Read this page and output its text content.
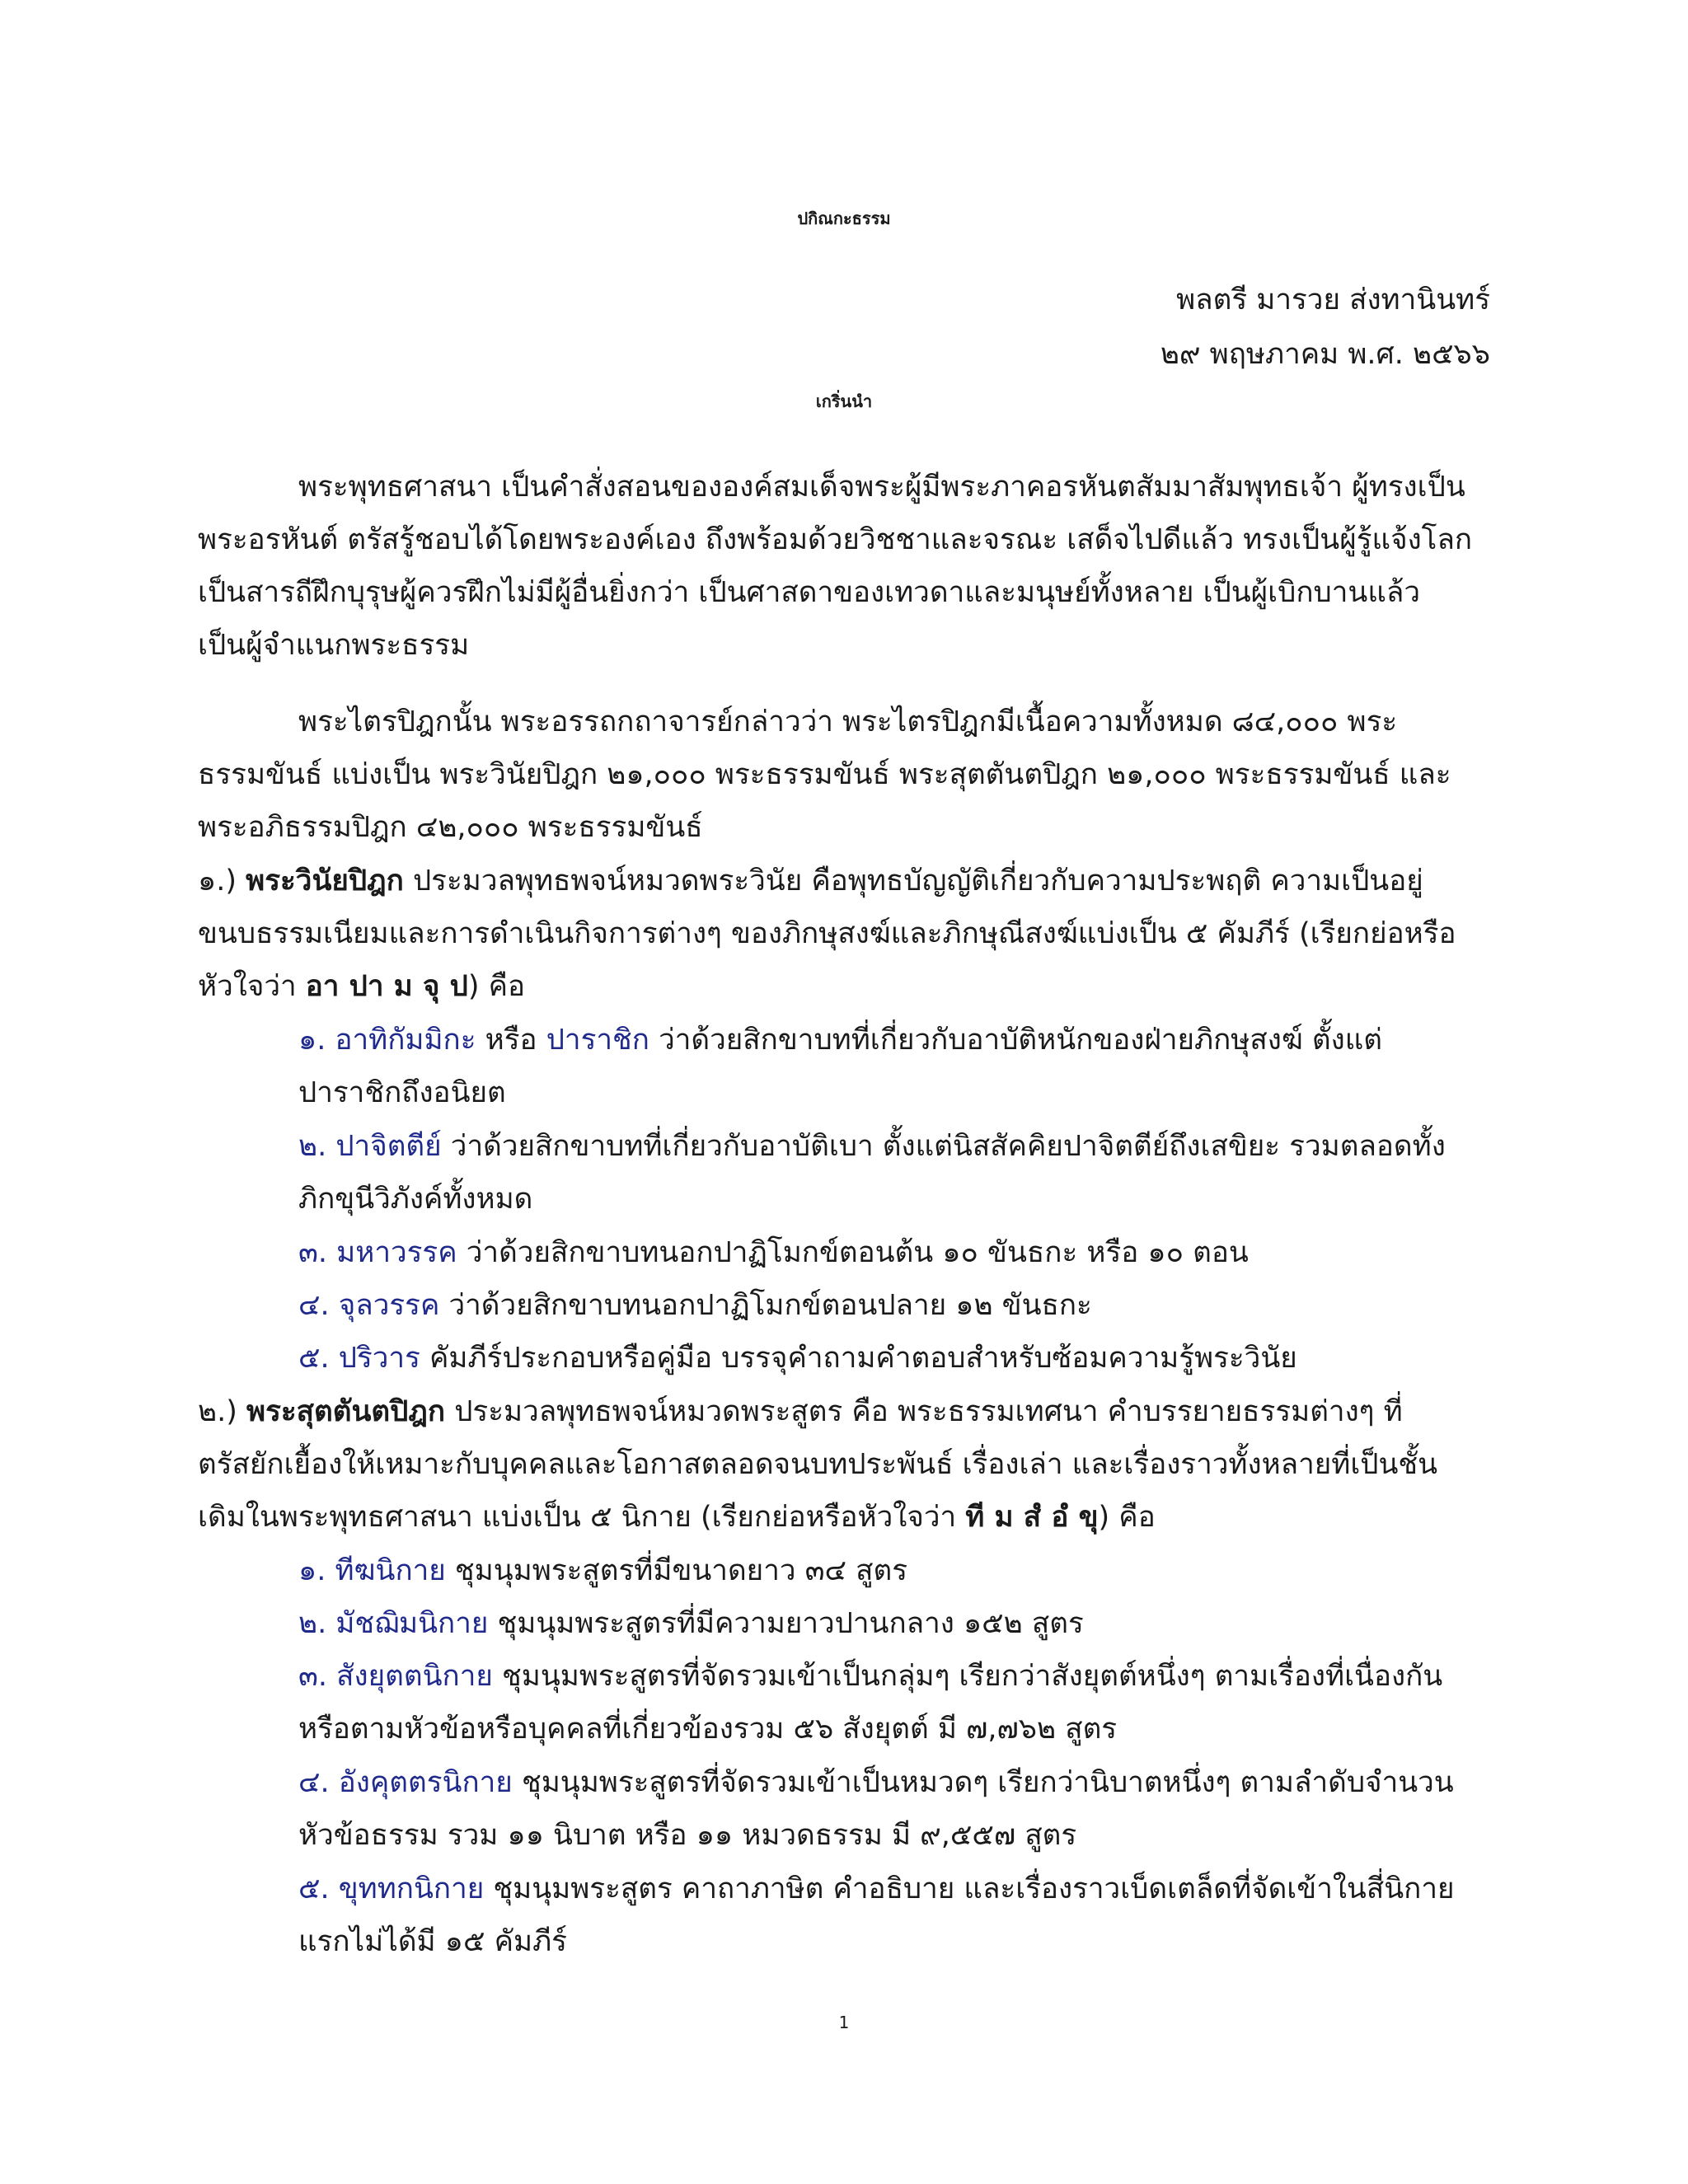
ปกิณกะธรรม

พลตรี มารวย ส่งทานินทร์

๒๙ พฤษภาคม พ.ศ. ๒๕๖๖

เกริ่นนำ

พระพุทธศาสนา เป็นคำสั่งสอนขององค์สมเด็จพระผู้มีพระภาคอรหันตสัมมาสัมพุทธเจ้า ผู้ทรงเป็น

พระอรหันต์ ตรัสรู้ชอบได้โดยพระองค์เอง ถึงพร้อมด้วยวิชชาและจรณะ เสด็จไปดีแล้ว ทรงเป็นผู้รู้แจ้งโลก

เป็นสารถีฝึกบุรุษผู้ควรฝึกไม่มีผู้อื่นยิ่งกว่า เป็นศาสดาของเทวดาและมนุษย์ทั้งหลาย เป็นผู้เบิกบานแล้ว

เป็นผู้จำแนกพระธรรม

พระไตรปิฎกนั้น พระอรรถกถาจารย์กล่าวว่า พระไตรปิฎกมีเนื้อความทั้งหมด ๘๔,๐๐๐ พระ

ธรรมขันธ์ แบ่งเป็น พระวินัยปิฎก ๒๑,๐๐๐ พระธรรมขันธ์ พระสุตตันตปิฎก ๒๑,๐๐๐ พระธรรมขันธ์ และ

พระอภิธรรมปิฎก ๔๒,๐๐๐ พระธรรมขันธ์

๑.) พระวินัยปิฎก ประมวลพุทธพจน์หมวดพระวินัย คือพุทธบัญญัติเกี่ยวกับความประพฤติ ความเป็นอยู่

ขนบธรรมเนียมและการดำเนินกิจการต่างๆ ของภิกษุสงฆ์และภิกษุณีสงฆ์แบ่งเป็น ๕ คัมภีร์ (เรียกย่อหรือ

หัวใจว่า อา ปา ม จุ ป) คือ

๑. อาทิกัมมิกะ หรือ ปาราชิก ว่าด้วยสิกขาบทที่เกี่ยวกับอาบัติหนักของฝ่ายภิกษุสงฆ์ ตั้งแต่

ปาราชิกถึงอนิยต

๒. ปาจิตตีย์ ว่าด้วยสิกขาบทที่เกี่ยวกับอาบัติเบา ตั้งแต่นิสสัคคิยปาจิตตีย์ถึงเสขิยะ รวมตลอดทั้ง

ภิกขุนีวิภังค์ทั้งหมด

๓. มหาวรรค ว่าด้วยสิกขาบทนอกปาฏิโมกข์ตอนต้น ๑๐ ขันธกะ หรือ ๑๐ ตอน

๔. จุลวรรค ว่าด้วยสิกขาบทนอกปาฏิโมกข์ตอนปลาย ๑๒ ขันธกะ

๕. ปริวาร คัมภีร์ประกอบหรือคู่มือ บรรจุคำถามคำตอบสำหรับซ้อมความรู้พระวินัย

๒.) พระสุตตันตปิฎก ประมวลพุทธพจน์หมวดพระสูตร คือ พระธรรมเทศนา คำบรรยายธรรมต่างๆ ที่

ตรัสยักเยื้องให้เหมาะกับบุคคลและโอกาสตลอดจนบทประพันธ์ เรื่องเล่า และเรื่องราวทั้งหลายที่เป็นชั้น

เดิมในพระพุทธศาสนา แบ่งเป็น ๕ นิกาย (เรียกย่อหรือหัวใจว่า ที ม สํ อํ ขุ) คือ

๑. ทีฆนิกาย ชุมนุมพระสูตรที่มีขนาดยาว ๓๔ สูตร

๒. มัชฌิมนิกาย ชุมนุมพระสูตรที่มีความยาวปานกลาง ๑๕๒ สูตร

๓. สังยุตตนิกาย ชุมนุมพระสูตรที่จัดรวมเข้าเป็นกลุ่มๆ เรียกว่าสังยุตต์หนึ่งๆ ตามเรื่องที่เนื่องกัน

หรือตามหัวข้อหรือบุคคลที่เกี่ยวข้องรวม ๕๖ สังยุตต์ มี ๗,๗๖๒ สูตร

๔. อังคุตตรนิกาย ชุมนุมพระสูตรที่จัดรวมเข้าเป็นหมวดๆ เรียกว่านิบาตหนึ่งๆ ตามลำดับจำนวน

หัวข้อธรรม รวม ๑๑ นิบาต หรือ ๑๑ หมวดธรรม มี ๙,๕๕๗ สูตร

๕. ขุททกนิกาย ชุมนุมพระสูตร คาถาภาษิต คำอธิบาย และเรื่องราวเบ็ดเตล็ดที่จัดเข้าในสี่นิกาย

แรกไม่ได้มี ๑๕ คัมภีร์

1
